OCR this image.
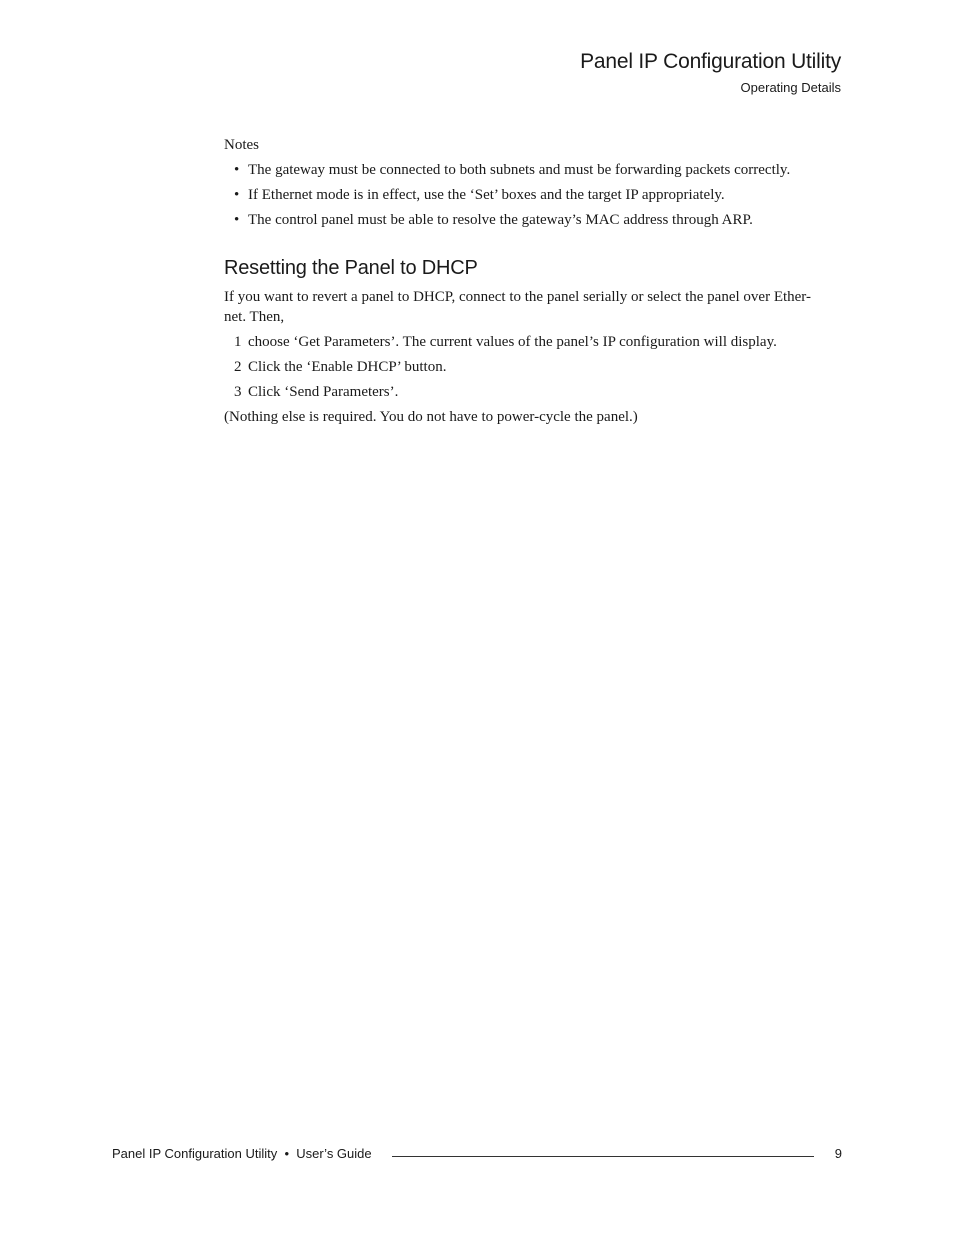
Panel IP Configuration Utility
Operating Details

Notes

• The gateway must be connected to both subnets and must be forwarding packets correctly.
• If Ethernet mode is in effect, use the ‘Set’ boxes and the target IP appropriately.
• The control panel must be able to resolve the gateway’s MAC address through ARP.
Resetting the Panel to DHCP

If you want to revert a panel to DHCP, connect to the panel serially or select the panel over Ether-
net. Then,

1 choose ‘Get Parameters’. The current values of the panel’s IP configuration will display.
2 Click the ‘Enable DHCP’ button.
3 Click ‘Send Parameters’.

(Nothing else is required. You do not have to power-cycle the panel.)

Panel IP Configuration Utility  •  User’s Guide	9
